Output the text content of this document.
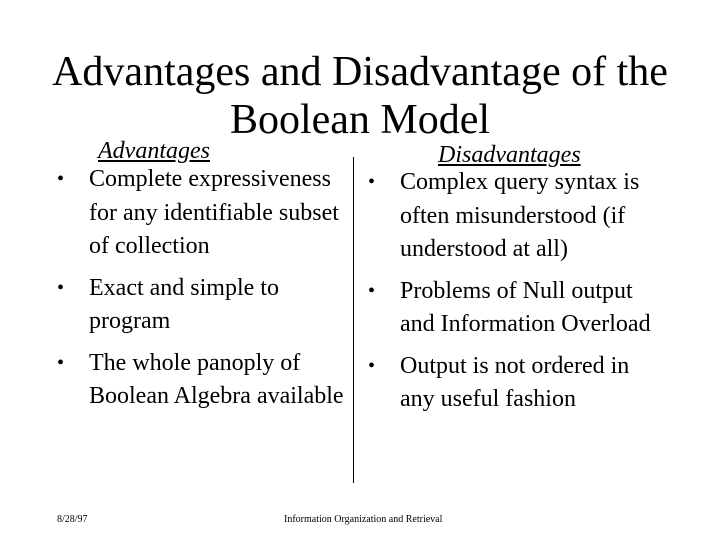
Advantages and Disadvantage of the Boolean Model
Advantages	Disadvantages
• Complete expressiveness for any identifiable subset of collection
• Exact and simple to program
• The whole panoply of Boolean Algebra available
• Complex query syntax is often misunderstood (if understood at all)
• Problems of Null output and Information Overload
• Output is not ordered in any useful fashion
8/28/97	Information Organization and Retrieval
